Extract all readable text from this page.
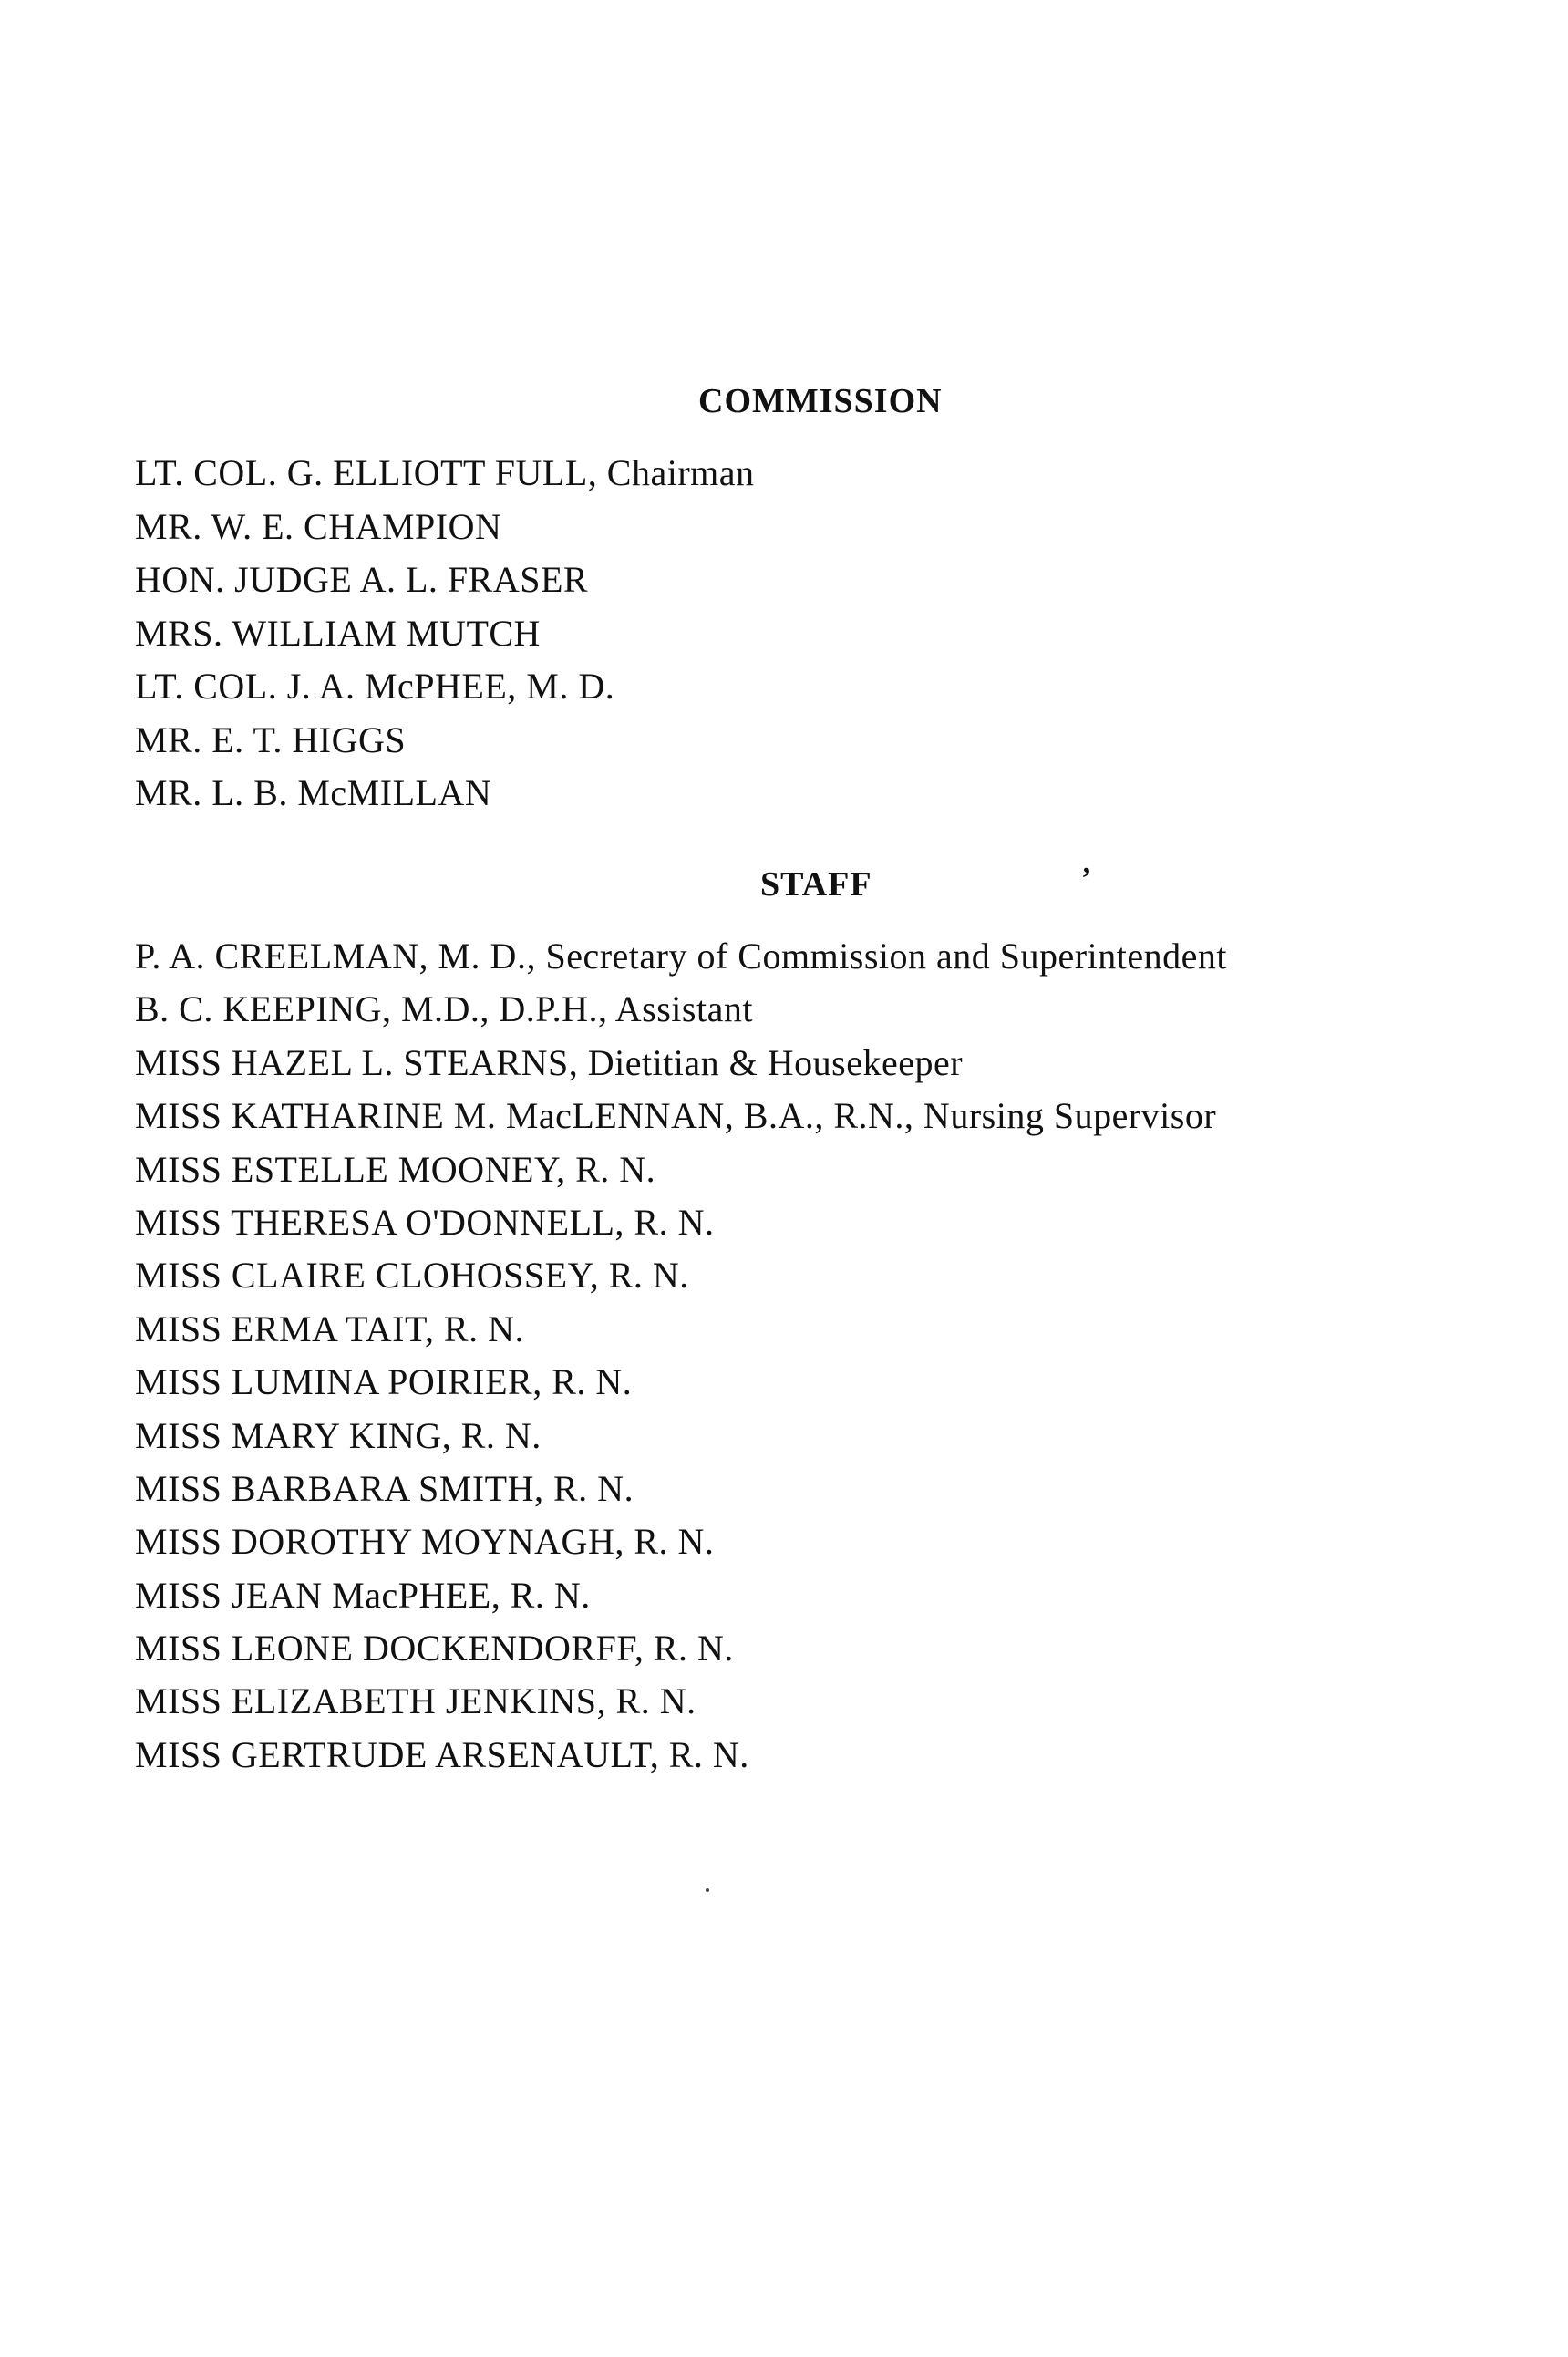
COMMISSION
LT. COL. G. ELLIOTT FULL, Chairman
MR. W. E. CHAMPION
HON. JUDGE A. L. FRASER
MRS. WILLIAM MUTCH
LT. COL. J. A. McPHEE, M. D.
MR. E. T. HIGGS
MR. L. B. McMILLAN
STAFF	’
P. A. CREELMAN, M. D., Secretary of Commission and Superintendent
B. C. KEEPING, M.D., D.P.H., Assistant
MISS HAZEL L. STEARNS, Dietitian & Housekeeper
MISS KATHARINE M. MacLENNAN, B.A., R.N., Nursing Supervisor
MISS ESTELLE MOONEY, R. N.
MISS THERESA O'DONNELL, R. N.
MISS CLAIRE CLOHOSSEY, R. N.
MISS ERMA TAIT, R. N.
MISS LUMINA POIRIER, R. N.
MISS MARY KING, R. N.
MISS BARBARA SMITH, R. N.
MISS DOROTHY MOYNAGH, R. N.
MISS JEAN MacPHEE, R. N.
MISS LEONE DOCKENDORFF, R. N.
MISS ELIZABETH JENKINS, R. N.
MISS GERTRUDE ARSENAULT, R. N.
